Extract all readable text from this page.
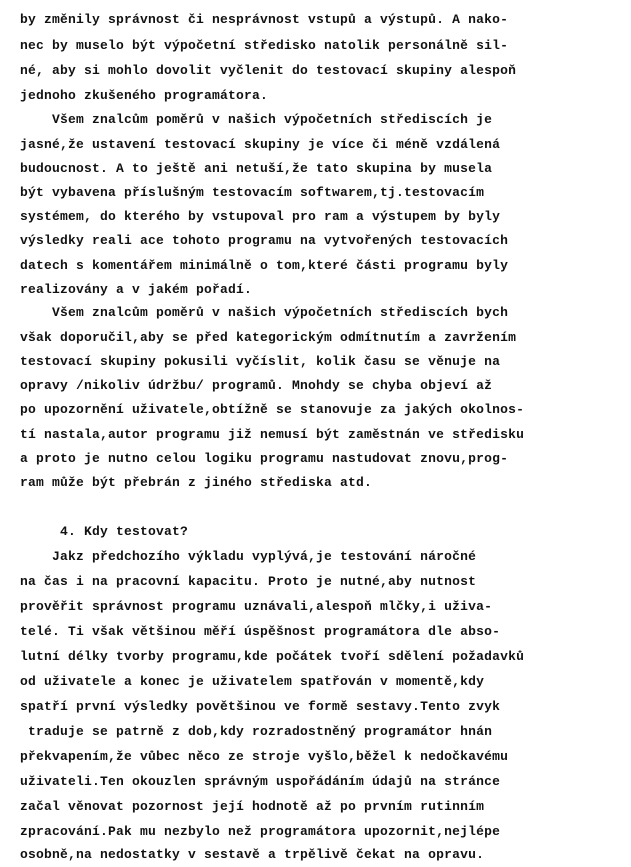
by změnily správnost či nesprávnost vstupů a výstupů. A nako-
nec by muselo být výpočetní středisko natolik personálně sil-
né, aby si mohlo dovolit vyčlenit do testovací skupiny alespoň
jednoho zkušeného programátora.
Všem znalcům poměrů v našich výpočetních střediscích je
jasné,že ustavení testovací skupiny je více či méně vzdálená
budoucnost. A to ještě ani netuší,že tato skupina by musela
být vybavena příslušným testovacím softwarem,tj.testovacím
systémem, do kterého by vstupoval pro ram a výstupem by byly
výsledky reali ace tohoto programu na vytvořených testovacích
datech s komentářem minimálně o tom,které části programu byly
realizovány a v jakém pořadí.
Všem znalcům poměrů v našich výpočetních střediscích bych
však doporučil,aby se před kategorickým odmítnutím a zavržením
testovací skupiny pokusili vyčíslit, kolik času se věnuje na
opravy /nikoliv údržbu/ programů. Mnohdy se chyba objeví až
po upozornění uživatele,obtížně se stanovuje za jakých okolnos-
tí nastala,autor programu již nemusí být zaměstnán ve středisku
a proto je nutno celou logiku programu nastudovat znovu,prog-
ram může být přebrán z jiného střediska atd.
4. Kdy testovat?
Jakz předchozího výkladu vyplývá,je testování náročné
na čas i na pracovní kapacitu. Proto je nutné,aby nutnost
prověřit správnost programu uznávali,alespoň mlčky,i uživa-
telé. Ti však většinou měří úspěšnost programátora dle abso-
lutní délky tvorby programu,kde počátek tvoří sdělení požadavků
od uživatele a konec je uživatelem spatřován v momentě,kdy
spatří první výsledky povětšinou ve formě sestavy.Tento zvyk
traduje se patrně z dob,kdy rozradostněný programátor hnán
překvapením,že vůbec něco ze stroje vyšlo,běžel k nedočkavému
uživateli.Ten okouzlen správným uspořádáním údajů na stránce
začal věnovat pozornost její hodnotě až po prvním rutinním
zpracování.Pak mu nezbylo než programátora upozornit,nejlépe
osobně,na nedostatky v sestavě a trpělivě čekat na opravu.
